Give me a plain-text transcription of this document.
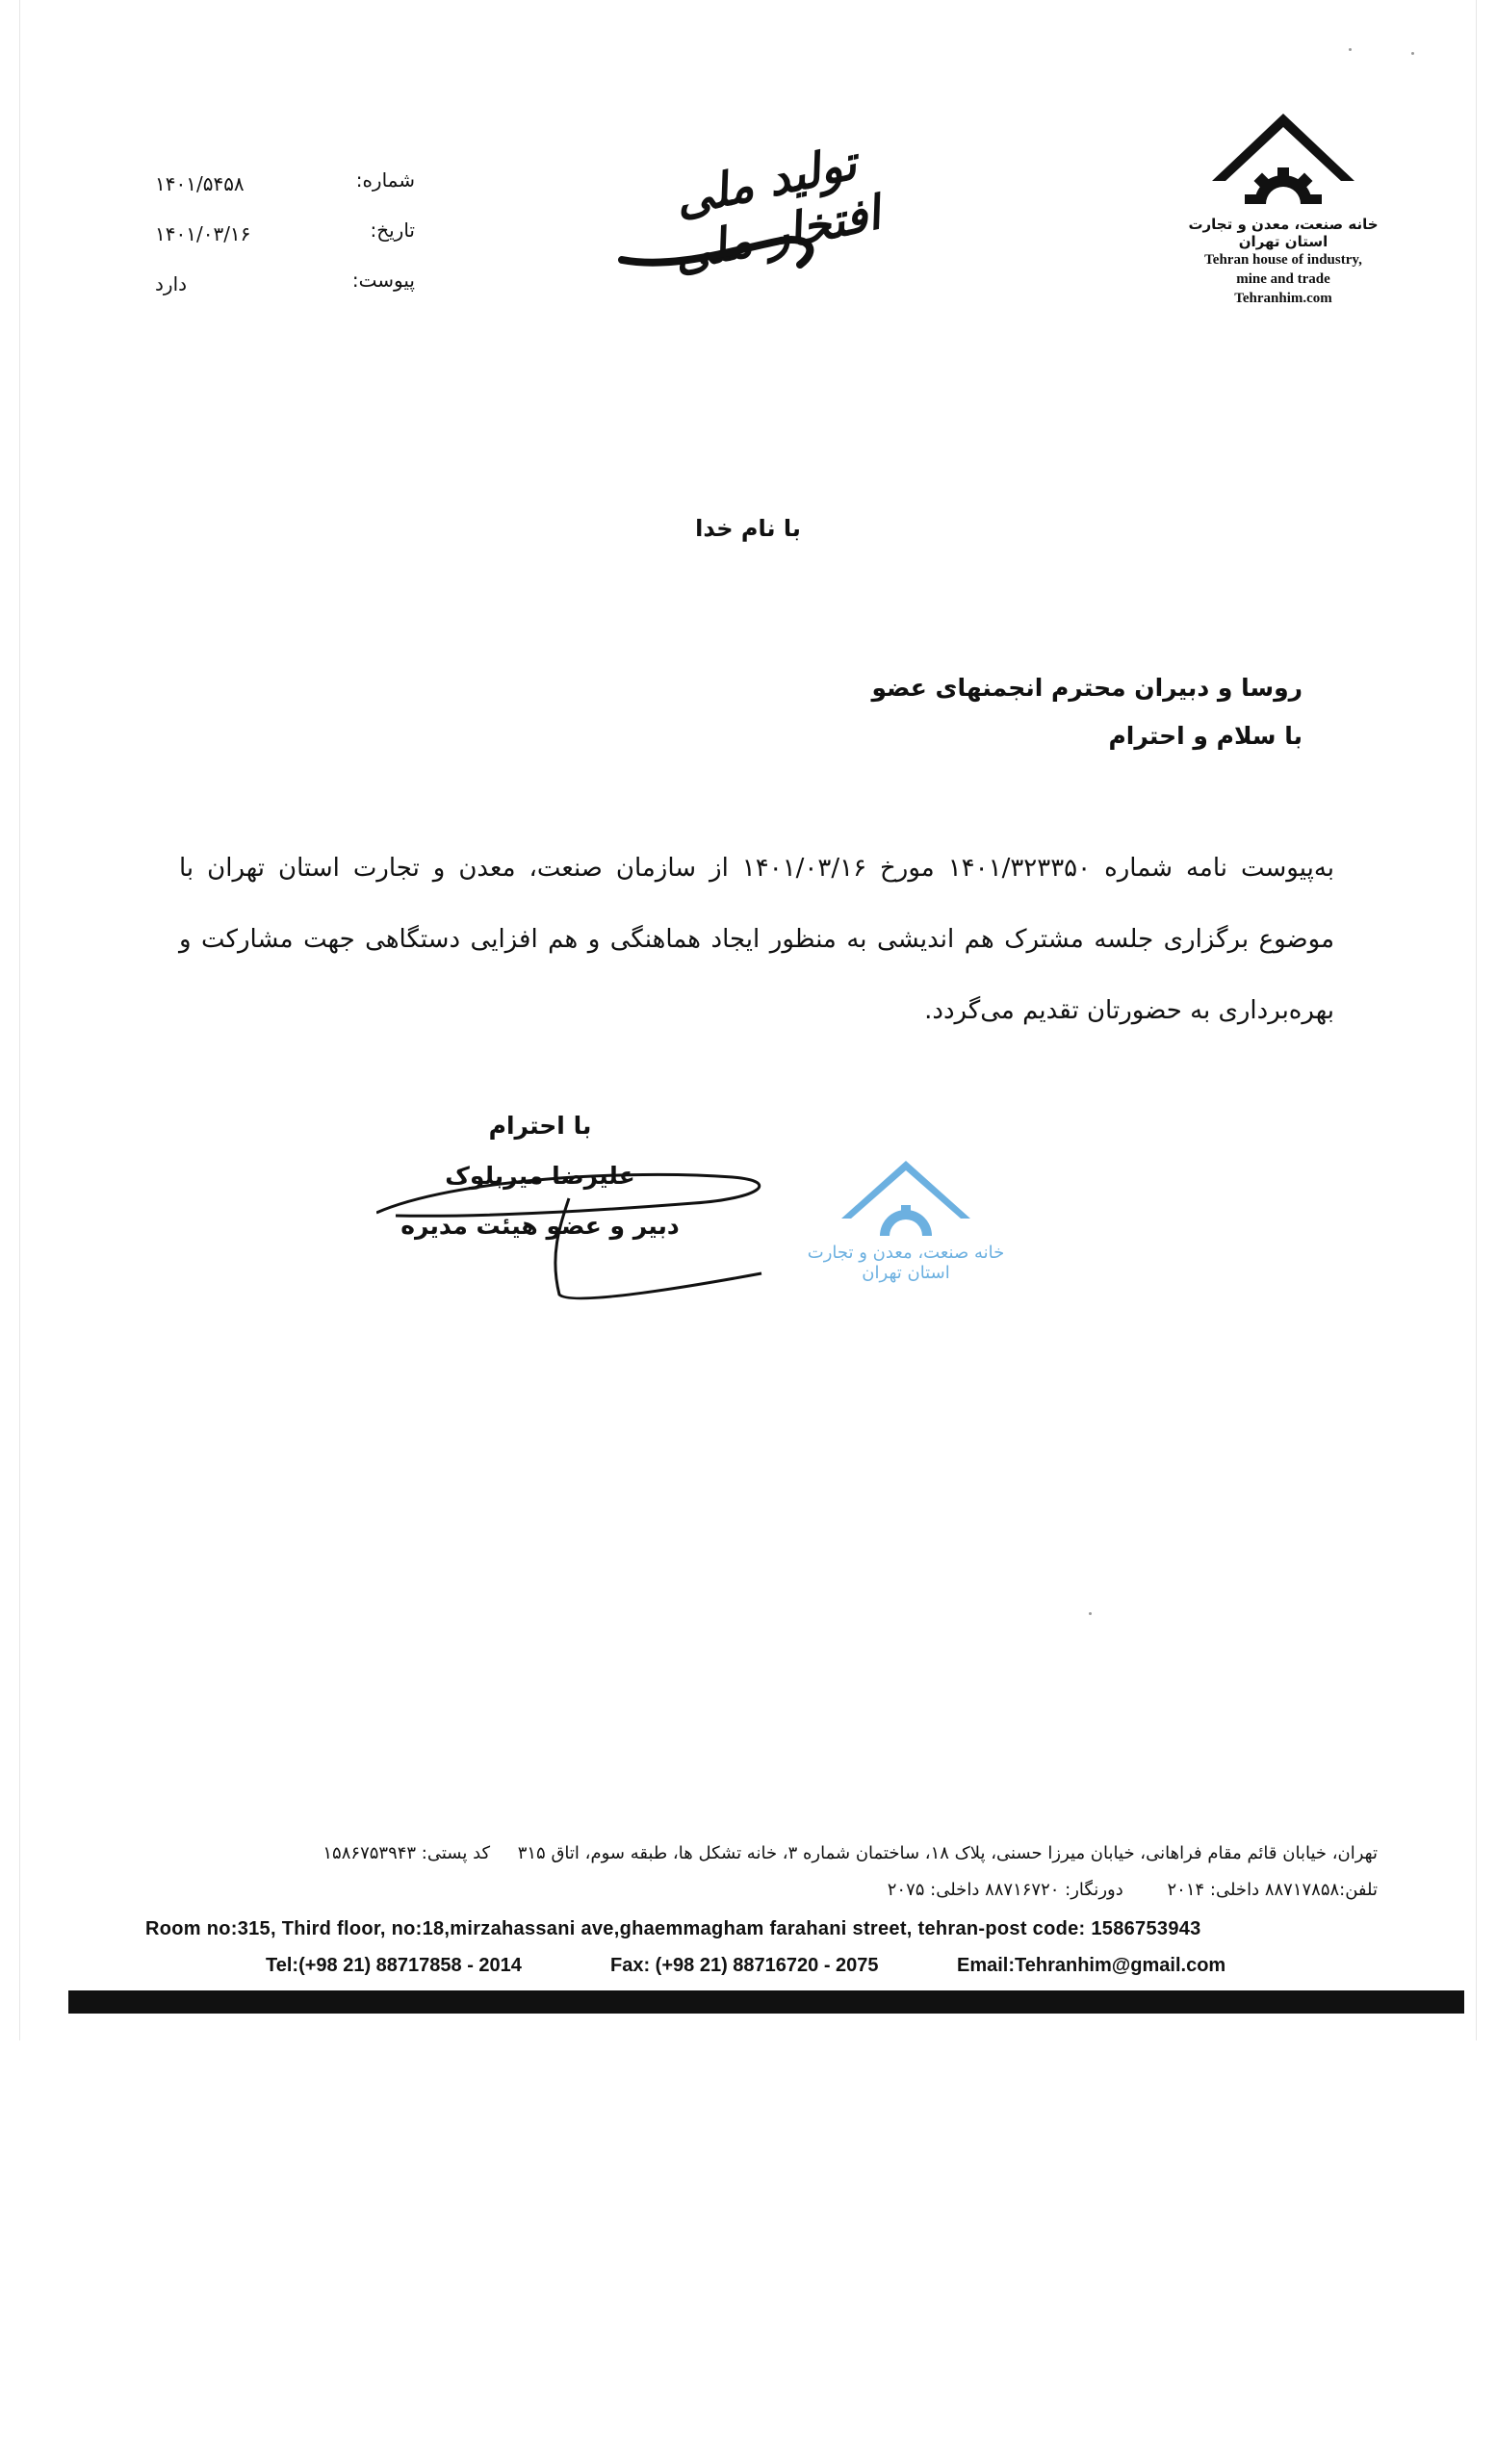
خانه صنعت، معدن و تجارت
استان تهران
Tehran house of industry,
mine and trade
Tehranhim.com
تولید ملی افتخار ملی
شماره:
۱۴۰۱/۵۴۵۸
تاریخ:
۱۴۰۱/۰۳/۱۶
پیوست:
دارد
با نام خدا
روسا و دبیران محترم انجمنهای عضو
با سلام و احترام
به‌پیوست نامه شماره ۱۴۰۱/۳۲۳۳۵۰ مورخ ۱۴۰۱/۰۳/۱۶ از سازمان صنعت، معدن و تجارت استان تهران با موضوع برگزاری جلسه مشترک هم اندیشی به منظور ایجاد هماهنگی و هم افزایی دستگاهی جهت مشارکت و بهره‌برداری به حضورتان تقدیم می‌گردد.
با احترام
علیرضا میربلوک
دبیر و عضو هیئت مدیره
خانه صنعت، معدن و تجارت
استان تهران
تهران، خیابان قائم مقام فراهانی، خیابان میرزا حسنی، پلاک ۱۸، ساختمان شماره ۳، خانه تشکل ها، طبقه سوم، اتاق ۳۱۵     کد پستی: ۱۵۸۶۷۵۳۹۴۳
تلفن:۸۸۷۱۷۸۵۸ داخلی: ۲۰۱۴        دورنگار: ۸۸۷۱۶۷۲۰ داخلی: ۲۰۷۵
Room no:315, Third floor, no:18,mirzahassani ave,ghaemmagham farahani street, tehran-post code: 1586753943
Tel:(+98 21) 88717858 - 2014	Fax: (+98 21) 88716720 - 2075	Email:Tehranhim@gmail.com
